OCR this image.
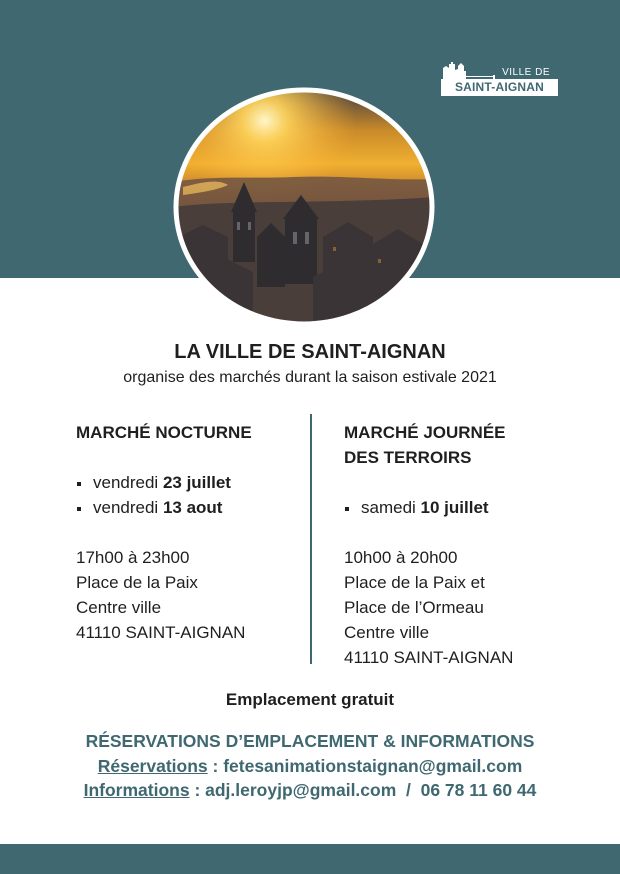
VILLE DE
SAINT-AIGNAN
LA VILLE DE SAINT-AIGNAN
organise des marchés durant la saison estivale 2021
MARCHÉ NOCTURNE
vendredi 23 juillet
vendredi 13 aout
17h00 à 23h00
Place de la Paix
Centre ville
41110 SAINT-AIGNAN
MARCHÉ JOURNÉE
DES TERROIRS
samedi 10 juillet
10h00 à 20h00
Place de la Paix et
Place de l’Ormeau
Centre ville
41110 SAINT-AIGNAN
Emplacement gratuit
RÉSERVATIONS D’EMPLACEMENT & INFORMATIONS
Réservations : fetesanimationstaignan@gmail.com
Informations : adj.leroyjp@gmail.com  /  06 78 11 60 44
